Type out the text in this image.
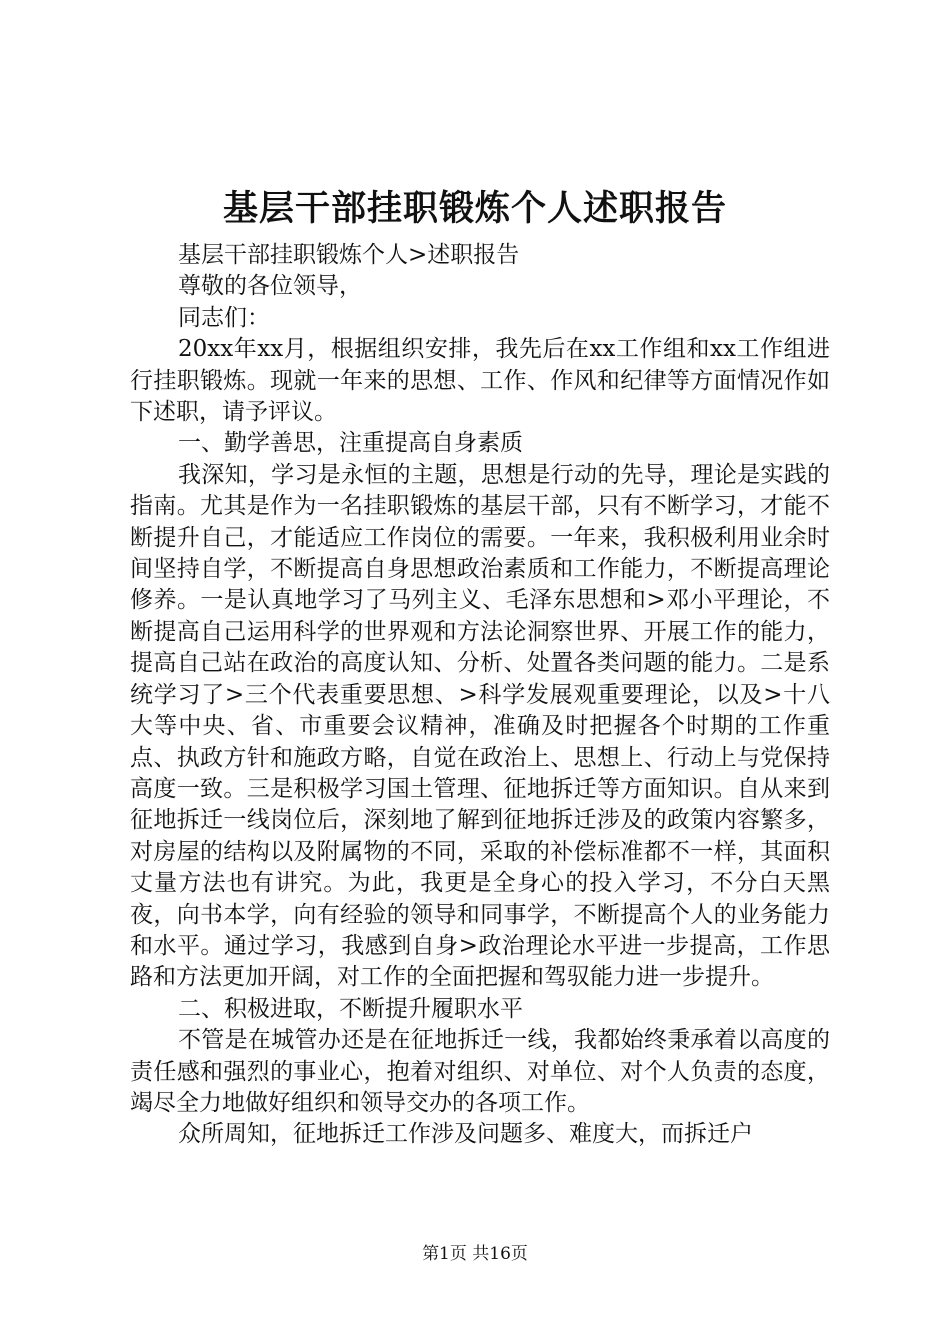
基层干部挂职锻炼个人述职报告

基层干部挂职锻炼个人>述职报告

尊敬的各位领导，

同志们：

20xx年xx月，根据组织安排，我先后在xx工作组和xx工作组进行挂职锻炼。现就一年来的思想、工作、作风和纪律等方面情况作如下述职，请予评议。

一、勤学善思，注重提高自身素质

我深知，学习是永恒的主题，思想是行动的先导，理论是实践的指南。尤其是作为一名挂职锻炼的基层干部，只有不断学习，才能不断提升自己，才能适应工作岗位的需要。一年来，我积极利用业余时间坚持自学，不断提高自身思想政治素质和工作能力，不断提高理论修养。一是认真地学习了马列主义、毛泽东思想和>邓小平理论，不断提高自己运用科学的世界观和方法论洞察世界、开展工作的能力，提高自己站在政治的高度认知、分析、处置各类问题的能力。二是系统学习了>三个代表重要思想、>科学发展观重要理论，以及>十八大等中央、省、市重要会议精神，准确及时把握各个时期的工作重点、执政方针和施政方略，自觉在政治上、思想上、行动上与党保持高度一致。三是积极学习国土管理、征地拆迁等方面知识。自从来到征地拆迁一线岗位后，深刻地了解到征地拆迁涉及的政策内容繁多，对房屋的结构以及附属物的不同，采取的补偿标准都不一样，其面积丈量方法也有讲究。为此，我更是全身心的投入学习，不分白天黑夜，向书本学，向有经验的领导和同事学，不断提高个人的业务能力和水平。通过学习，我感到自身>政治理论水平进一步提高，工作思路和方法更加开阔，对工作的全面把握和驾驭能力进一步提升。

二、积极进取，不断提升履职水平

不管是在城管办还是在征地拆迁一线，我都始终秉承着以高度的责任感和强烈的事业心，抱着对组织、对单位、对个人负责的态度，竭尽全力地做好组织和领导交办的各项工作。

众所周知，征地拆迁工作涉及问题多、难度大，而拆迁户

第1页 共16页
